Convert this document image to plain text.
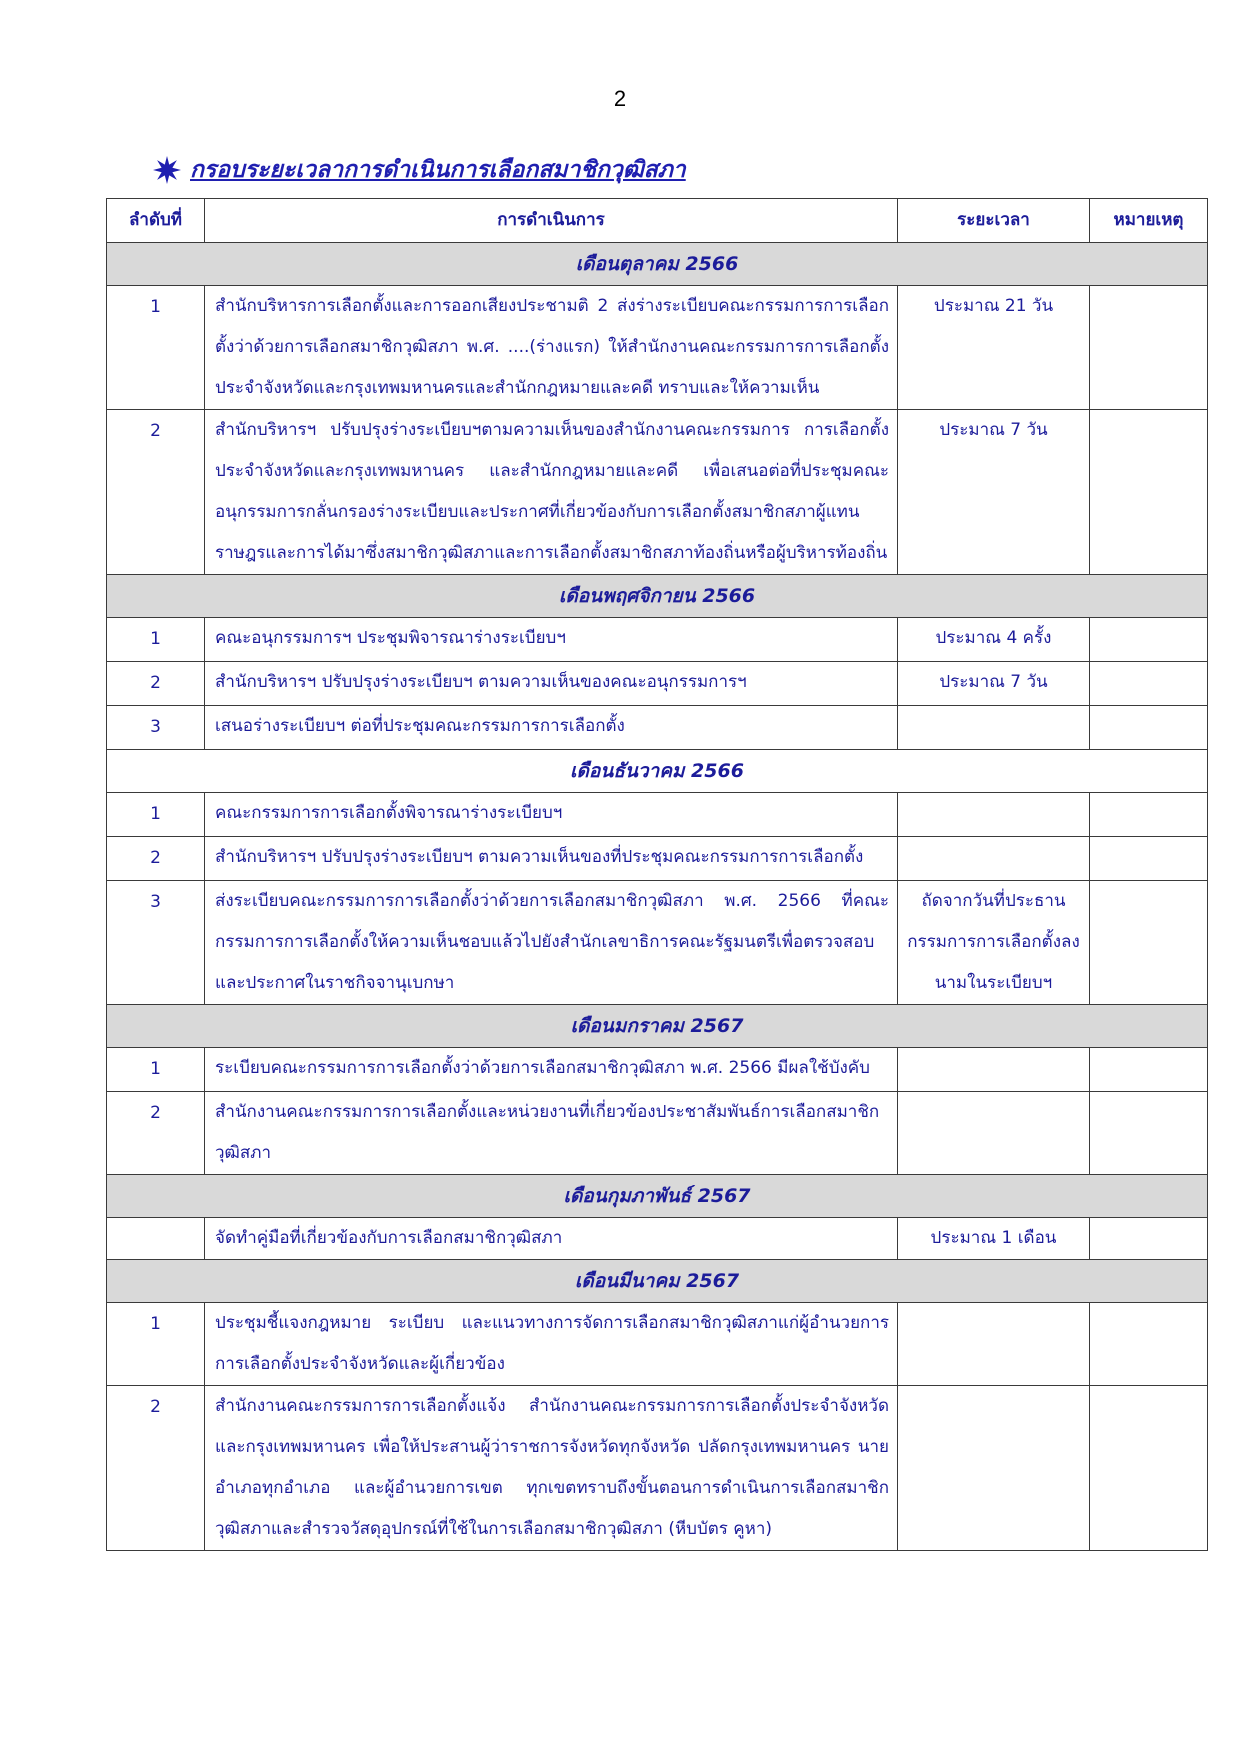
2
กรอบระยะเวลาการดำเนินการเลือกสมาชิกวุฒิสภา
ลำดับที่	การดำเนินการ	ระยะเวลา	หมายเหตุ
เดือนตุลาคม 2566			
1	สำนักบริหารการเลือกตั้งและการออกเสียงประชามติ 2 ส่งร่างระเบียบคณะกรรมการการเลือกตั้งว่าด้วยการเลือกสมาชิกวุฒิสภา พ.ศ. ....(ร่างแรก) ให้สำนักงานคณะกรรมการการเลือกตั้งประจำจังหวัดและกรุงเทพมหานครและสำนักกฎหมายและคดี ทราบและให้ความเห็น	ประมาณ 21 วัน	
2	สำนักบริหารฯ ปรับปรุงร่างระเบียบฯตามความเห็นของสำนักงานคณะกรรมการ การเลือกตั้งประจำจังหวัดและกรุงเทพมหานคร และสำนักกฎหมายและคดี เพื่อเสนอต่อที่ประชุมคณะอนุกรรมการกลั่นกรองร่างระเบียบและประกาศที่เกี่ยวข้องกับการเลือกตั้งสมาชิกสภาผู้แทนราษฎรและการได้มาซึ่งสมาชิกวุฒิสภาและการเลือกตั้งสมาชิกสภาท้องถิ่นหรือผู้บริหารท้องถิ่น	ประมาณ 7 วัน	
เดือนพฤศจิกายน 2566			
1	คณะอนุกรรมการฯ ประชุมพิจารณาร่างระเบียบฯ	ประมาณ 4 ครั้ง	
2	สำนักบริหารฯ ปรับปรุงร่างระเบียบฯ ตามความเห็นของคณะอนุกรรมการฯ	ประมาณ 7 วัน	
3	เสนอร่างระเบียบฯ ต่อที่ประชุมคณะกรรมการการเลือกตั้ง		
เดือนธันวาคม 2566			
1	คณะกรรมการการเลือกตั้งพิจารณาร่างระเบียบฯ		
2	สำนักบริหารฯ ปรับปรุงร่างระเบียบฯ ตามความเห็นของที่ประชุมคณะกรรมการการเลือกตั้ง		
3	ส่งระเบียบคณะกรรมการการเลือกตั้งว่าด้วยการเลือกสมาชิกวุฒิสภา พ.ศ. 2566 ที่คณะกรรมการการเลือกตั้งให้ความเห็นชอบแล้วไปยังสำนักเลขาธิการคณะรัฐมนตรีเพื่อตรวจสอบและประกาศในราชกิจจานุเบกษา	ถัดจากวันที่ประธานกรรมการการเลือกตั้งลงนามในระเบียบฯ	
เดือนมกราคม 2567			
1	ระเบียบคณะกรรมการการเลือกตั้งว่าด้วยการเลือกสมาชิกวุฒิสภา พ.ศ. 2566 มีผลใช้บังคับ		
2	สำนักงานคณะกรรมการการเลือกตั้งและหน่วยงานที่เกี่ยวข้องประชาสัมพันธ์การเลือกสมาชิกวุฒิสภา		
เดือนกุมภาพันธ์ 2567			
	จัดทำคู่มือที่เกี่ยวข้องกับการเลือกสมาชิกวุฒิสภา	ประมาณ 1 เดือน	
เดือนมีนาคม 2567			
1	ประชุมชี้แจงกฎหมาย ระเบียบ และแนวทางการจัดการเลือกสมาชิกวุฒิสภาแก่ผู้อำนวยการการเลือกตั้งประจำจังหวัดและผู้เกี่ยวข้อง		
2	สำนักงานคณะกรรมการการเลือกตั้งแจ้ง สำนักงานคณะกรรมการการเลือกตั้งประจำจังหวัดและกรุงเทพมหานคร เพื่อให้ประสานผู้ว่าราชการจังหวัดทุกจังหวัด ปลัดกรุงเทพมหานคร นายอำเภอทุกอำเภอ และผู้อำนวยการเขต ทุกเขตทราบถึงขั้นตอนการดำเนินการเลือกสมาชิกวุฒิสภาและสำรวจวัสดุอุปกรณ์ที่ใช้ในการเลือกสมาชิกวุฒิสภา (หีบบัตร คูหา)		
